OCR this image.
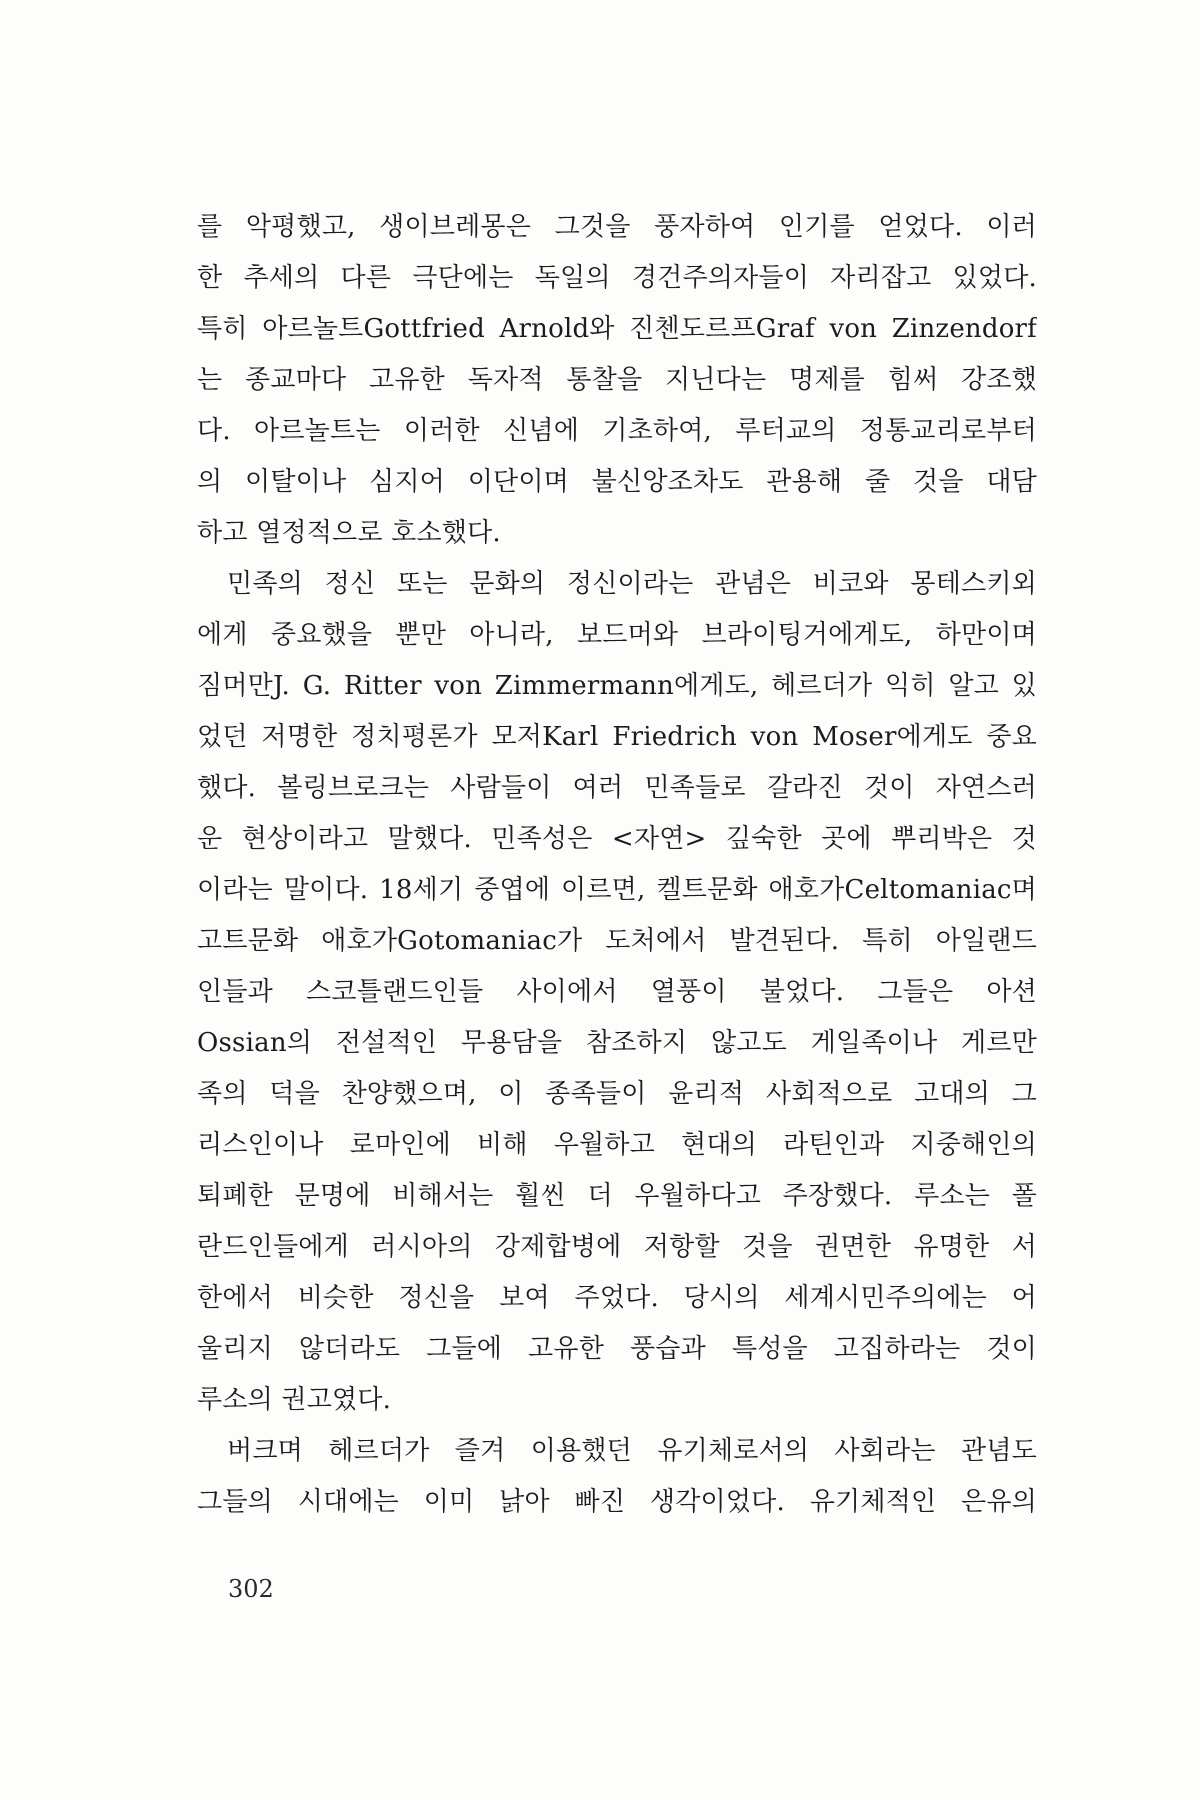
를 악평했고, 생이브레몽은 그것을 풍자하여 인기를 얻었다. 이러
한 추세의 다른 극단에는 독일의 경건주의자들이 자리잡고 있었다.
특히 아르놀트Gottfried Arnold와 진첸도르프Graf von Zinzendorf
는 종교마다 고유한 독자적 통찰을 지닌다는 명제를 힘써 강조했
다. 아르놀트는 이러한 신념에 기초하여, 루터교의 정통교리로부터
의 이탈이나 심지어 이단이며 불신앙조차도 관용해 줄 것을 대담
하고 열정적으로 호소했다.
민족의 정신 또는 문화의 정신이라는 관념은 비코와 몽테스키외
에게 중요했을 뿐만 아니라, 보드머와 브라이팅거에게도, 하만이며
짐머만J. G. Ritter von Zimmermann에게도, 헤르더가 익히 알고 있
었던 저명한 정치평론가 모저Karl Friedrich von Moser에게도 중요
했다. 볼링브로크는 사람들이 여러 민족들로 갈라진 것이 자연스러
운 현상이라고 말했다. 민족성은 <자연> 깊숙한 곳에 뿌리박은 것
이라는 말이다. 18세기 중엽에 이르면, 켈트문화 애호가Celtomaniac며
고트문화 애호가Gotomaniac가 도처에서 발견된다. 특히 아일랜드
인들과 스코틀랜드인들 사이에서 열풍이 불었다. 그들은 아션
Ossian의 전설적인 무용담을 참조하지 않고도 게일족이나 게르만
족의 덕을 찬양했으며, 이 종족들이 윤리적 사회적으로 고대의 그
리스인이나 로마인에 비해 우월하고 현대의 라틴인과 지중해인의
퇴폐한 문명에 비해서는 훨씬 더 우월하다고 주장했다. 루소는 폴
란드인들에게 러시아의 강제합병에 저항할 것을 권면한 유명한 서
한에서 비슷한 정신을 보여 주었다. 당시의 세계시민주의에는 어
울리지 않더라도 그들에 고유한 풍습과 특성을 고집하라는 것이
루소의 권고였다.
버크며 헤르더가 즐겨 이용했던 유기체로서의 사회라는 관념도
그들의 시대에는 이미 낡아 빠진 생각이었다. 유기체적인 은유의
302
